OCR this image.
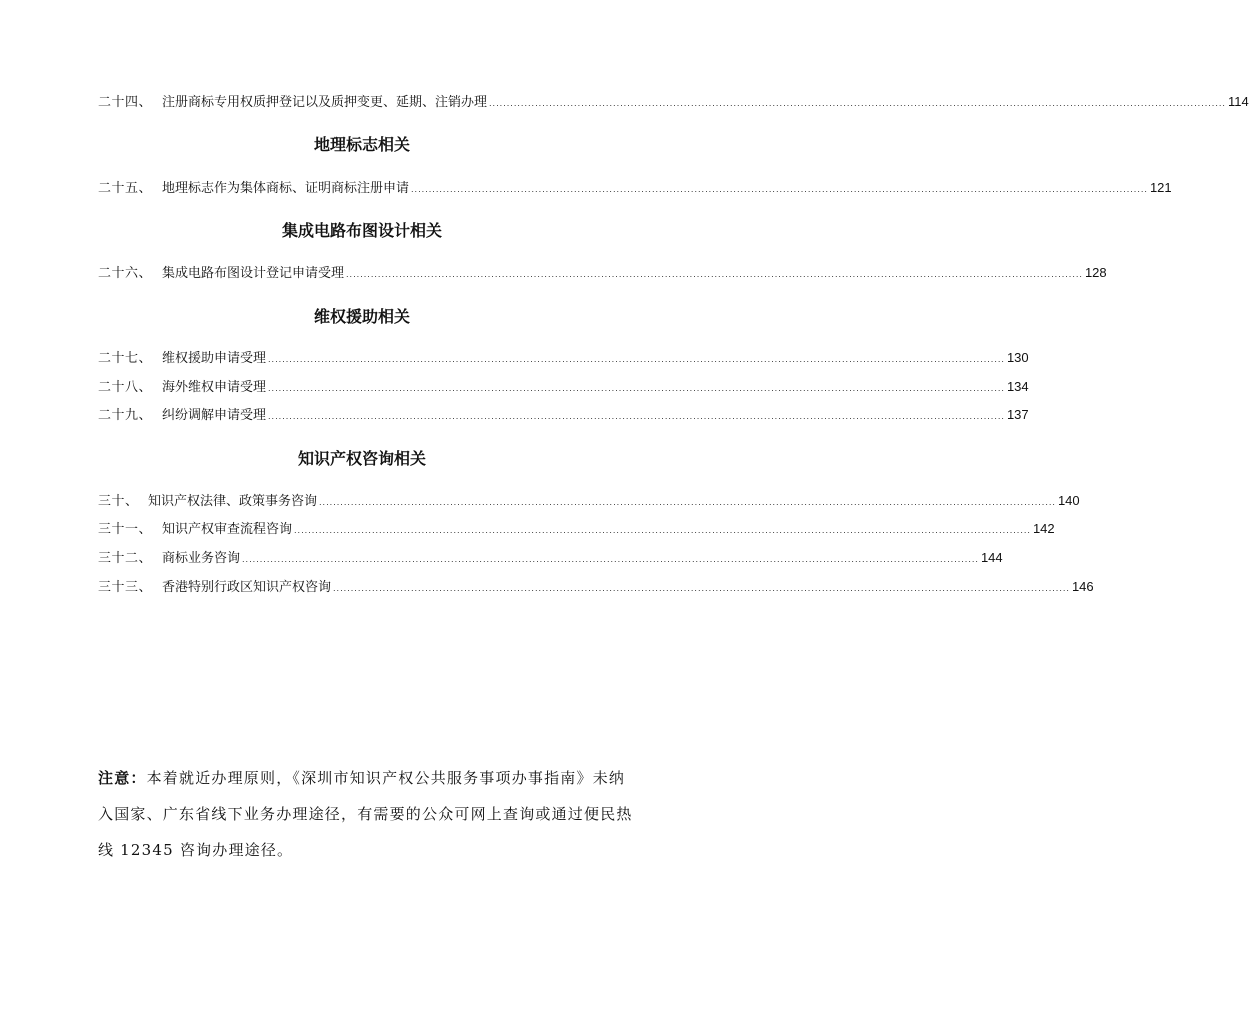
二十四、 注册商标专用权质押登记以及质押变更、延期、注销办理 ................................................................................................................................................................................................................ 114
地理标志相关
二十五、 地理标志作为集体商标、证明商标注册申请 ................................................................................................................................................................................................................ 121
集成电路布图设计相关
二十六、 集成电路布图设计登记申请受理 ................................................................................................................................................................................................................ 128
维权援助相关
二十七、 维权援助申请受理 ................................................................................................................................................................................................................ 130
二十八、 海外维权申请受理 ................................................................................................................................................................................................................ 134
二十九、 纠纷调解申请受理 ................................................................................................................................................................................................................ 137
知识产权咨询相关
三十、 知识产权法律、政策事务咨询 ................................................................................................................................................................................................................ 140
三十一、 知识产权审查流程咨询 ................................................................................................................................................................................................................ 142
三十二、 商标业务咨询 ................................................................................................................................................................................................................ 144
三十三、 香港特别行政区知识产权咨询 ................................................................................................................................................................................................................ 146
注意：本着就近办理原则，《深圳市知识产权公共服务事项办事指南》未纳入国家、广东省线下业务办理途径，有需要的公众可网上查询或通过便民热线 12345 咨询办理途径。
